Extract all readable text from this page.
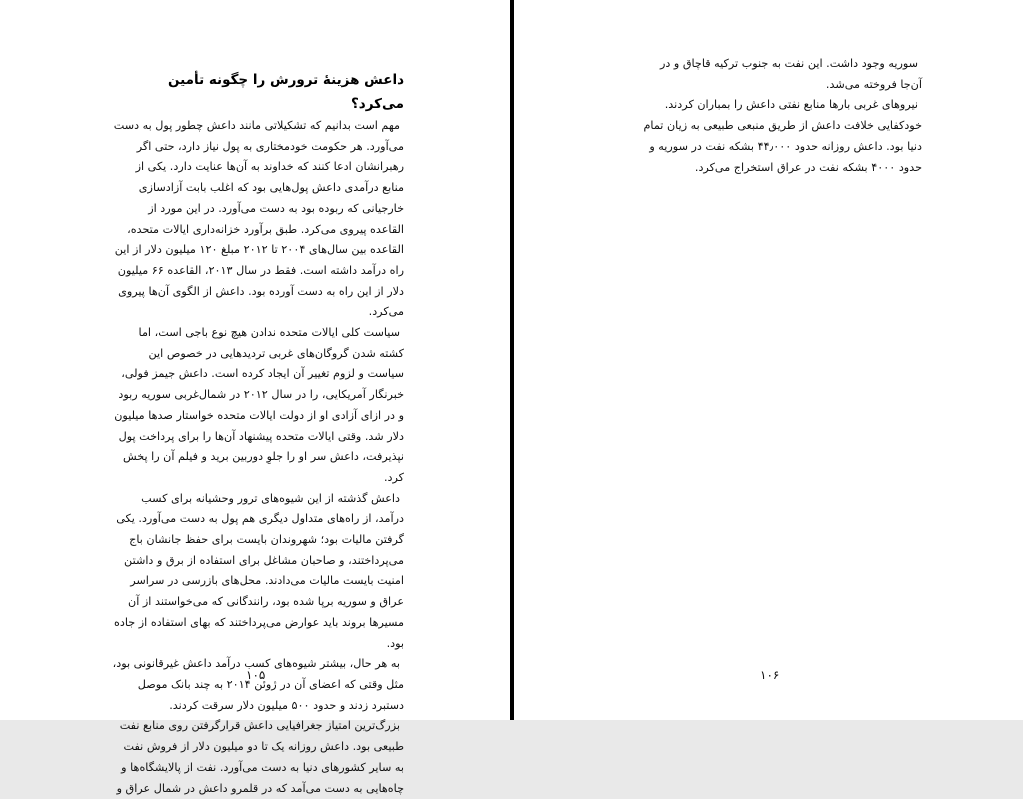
داعش هزینهٔ ترورش را چگونه تأمین می‌کرد؟

مهم است بدانیم که تشکیلاتی مانند داعش چطور پول به دست می‌آورد. هر حکومت خودمختاری به پول نیاز دارد، حتی اگر رهبرانشان ادعا کنند که خداوند به آن‌ها عنایت دارد. یکی از منابع درآمدی داعش پول‌هایی بود که اغلب بابت آزادسازی خارجیانی که ربوده بود به دست می‌آورد. در این مورد از القاعده پیروی می‌کرد. طبق برآورد خزانه‌داری ایالات متحده، القاعده بین سال‌های ۲۰۰۴ تا ۲۰۱۲ مبلغ ۱۲۰ میلیون دلار از این راه درآمد داشته است. فقط در سال ۲۰۱۳، القاعده ۶۶ میلیون دلار از این راه به دست آورده بود. داعش از الگوی آن‌ها پیروی می‌کرد.

سیاست کلی ایالات متحده ندادن هیچ نوع باجی است، اما کشته شدن گروگان‌های غربی تردیدهایی در خصوص این سیاست و لزوم تغییر آن ایجاد کرده است. داعش جیمز فولی، خبرنگار آمریکایی، را در سال ۲۰۱۲ در شمال‌غربی سوریه ربود و در ازای آزادی او از دولت ایالات متحده خواستار صدها میلیون دلار شد. وقتی ایالات متحده پیشنهاد آن‌ها را برای پرداخت پول نپذیرفت، داعش سر او را جلوِ دوربین برید و فیلم آن را پخش کرد.

داعش گذشته از این شیوه‌های ترور وحشیانه برای کسب درآمد، از راه‌های متداول دیگری هم پول به دست می‌آورد. یکی گرفتن مالیات بود؛ شهروندان بایست برای حفظ جانشان باج می‌پرداختند، و صاحبان مشاغل برای استفاده از برق و داشتن امنیت بایست مالیات می‌دادند. محل‌های بازرسی در سراسر عراق و سوریه برپا شده بود، رانندگانی که می‌خواستند از آن مسیرها بروند باید عوارض می‌پرداختند که بهای استفاده از جاده بود.

به هر حال، بیشتر شیوه‌های کسب درآمد داعش غیرقانونی بود، مثل وقتی که اعضای آن در ژوئن ۲۰۱۴ به چند بانک موصل دستبرد زدند و حدود ۵۰۰ میلیون دلار سرقت کردند.

بزرگ‌ترین امتیاز جغرافیایی داعش قرارگرفتن روی منابع نفت طبیعی بود. داعش روزانه یک تا دو میلیون دلار از فروش نفت به سایر کشورهای دنیا به دست می‌آورد. نفت از پالایشگاه‌ها و چاه‌هایی به دست می‌آمد که در قلمرو داعش در شمال عراق و

۱۰۵

سوریه وجود داشت. این نفت به جنوب ترکیه قاچاق و در آن‌جا فروخته می‌شد.

نیروهای غربی بارها منابع نفتی داعش را بمباران کردند. خودکفایی خلافت داعش از طریق منبعی طبیعی به زیان تمام دنیا بود. داعش روزانه حدود ۴۴٫۰۰۰ بشکه نفت در سوریه و حدود ۴۰۰۰ بشکه نفت در عراق استخراج می‌کرد.

۱۰۶
